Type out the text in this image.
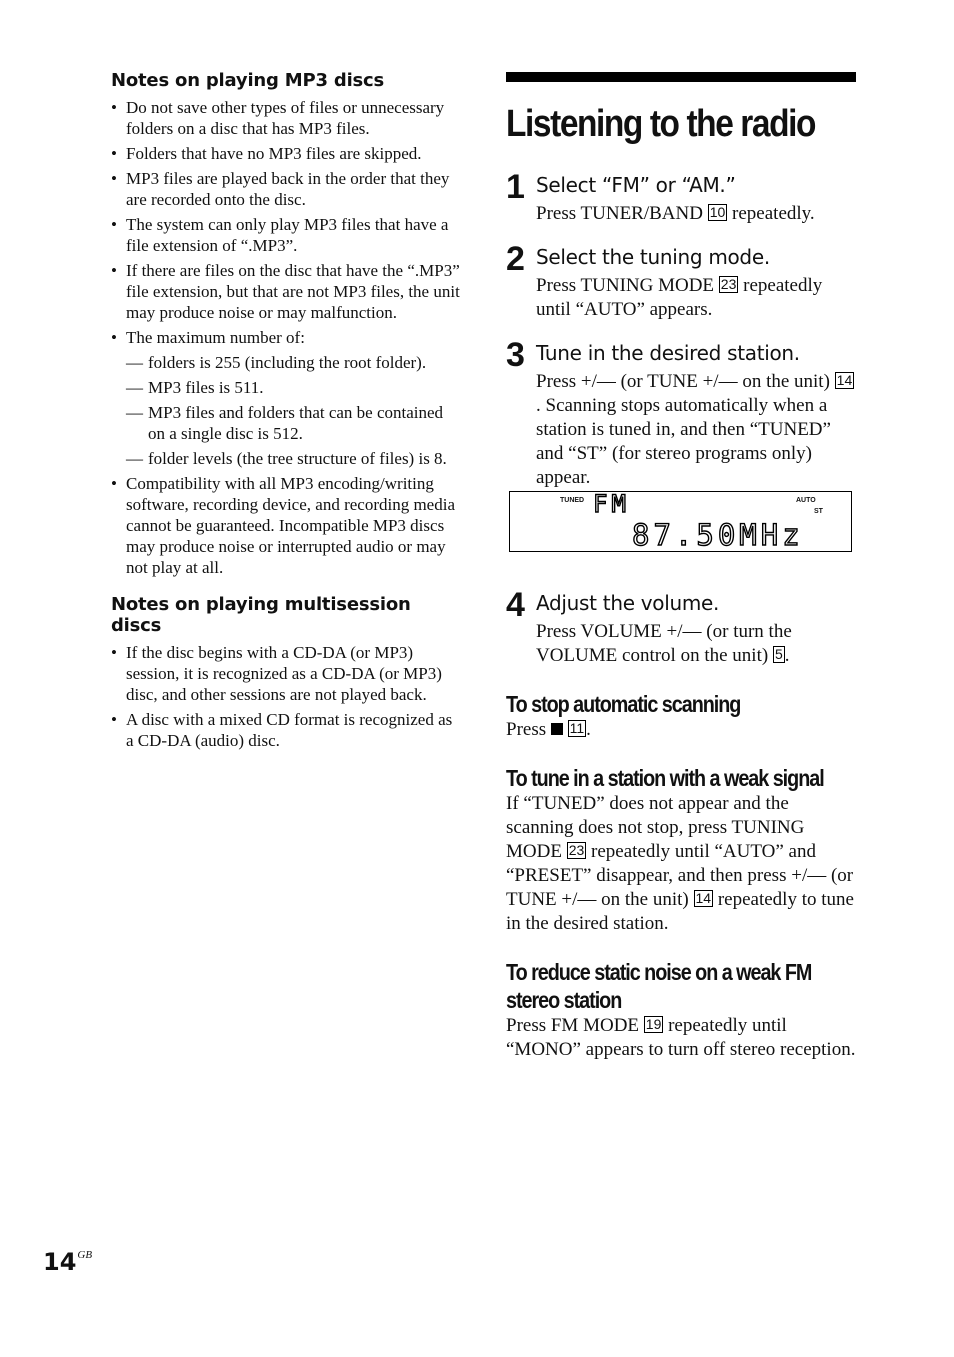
Notes on playing MP3 discs
• Do not save other types of files or unnecessary folders on a disc that has MP3 files.
• Folders that have no MP3 files are skipped.
• MP3 files are played back in the order that they are recorded onto the disc.
• The system can only play MP3 files that have a file extension of “.MP3”.
• If there are files on the disc that have the “.MP3” file extension, but that are not MP3 files, the unit may produce noise or may malfunction.
• The maximum number of:
— folders is 255 (including the root folder).
— MP3 files is 511.
— MP3 files and folders that can be contained on a single disc is 512.
— folder levels (the tree structure of files) is 8.
• Compatibility with all MP3 encoding/writing software, recording device, and recording media cannot be guaranteed. Incompatible MP3 discs may produce noise or interrupted audio or may not play at all.
Notes on playing multisession discs
• If the disc begins with a CD-DA (or MP3) session, it is recognized as a CD-DA (or MP3) disc, and other sessions are not played back.
• A disc with a mixed CD format is recognized as a CD-DA (audio) disc.
Listening to the radio
1 Select “FM” or “AM.”
Press TUNER/BAND 10 repeatedly.
2 Select the tuning mode.
Press TUNING MODE 23 repeatedly until “AUTO” appears.
3 Tune in the desired station.
Press +/— (or TUNE +/— on the unit) 14. Scanning stops automatically when a station is tuned in, and then “TUNED” and “ST” (for stereo programs only) appear.
4 Adjust the volume.
Press VOLUME +/— (or turn the VOLUME control on the unit) 5 .
To stop automatic scanning

Press  11 .

To tune in a station with a weak signal

If “TUNED” does not appear and the scanning does not stop, press TUNING MODE 23 repeatedly until “AUTO” and “PRESET” disappear, and then press +/— (or TUNE +/— on the unit) 14 repeatedly to tune in the desired station.

To reduce static noise on a weak FM
stereo station

Press FM MODE 19 repeatedly until “MONO” appears to turn off stereo reception.

TUNED FM	AUTO
ST
87.50MHz
$14^{GB}$
